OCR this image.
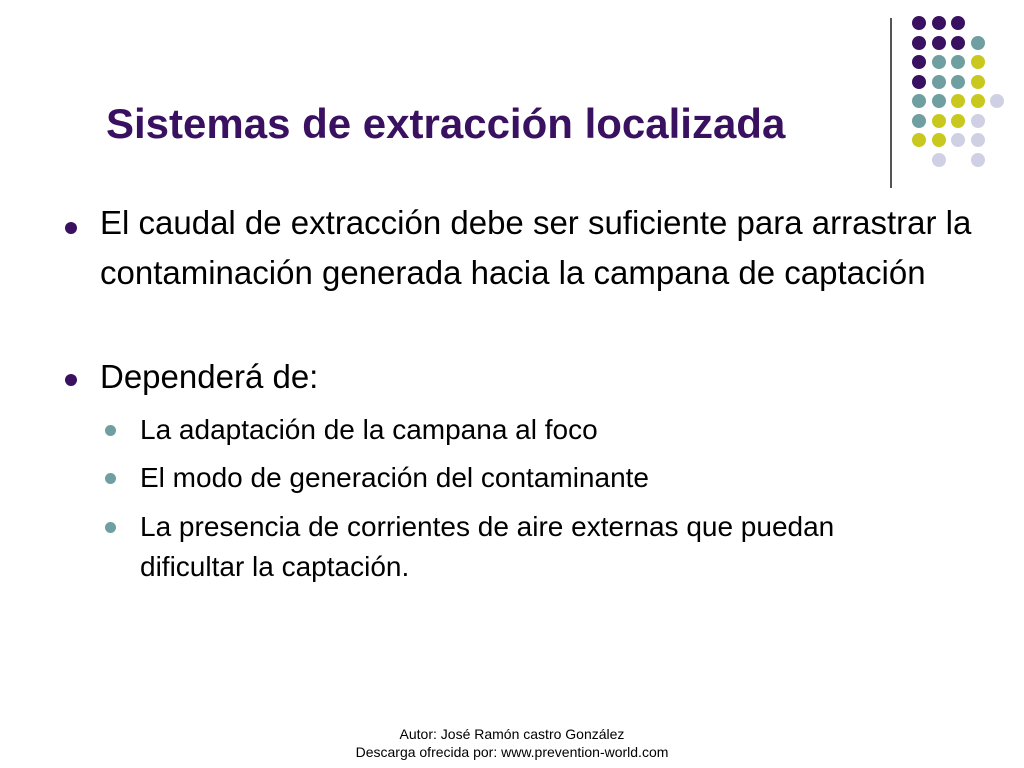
Sistemas de extracción localizada

El caudal de extracción debe ser suficiente para arrastrar la contaminación generada hacia la campana de captación

Dependerá de:

La adaptación de la campana al foco

El modo de generación del contaminante

La presencia de corrientes de aire externas que puedan dificultar la captación.

Autor: José Ramón castro González
Descarga ofrecida por: www.prevention-world.com
